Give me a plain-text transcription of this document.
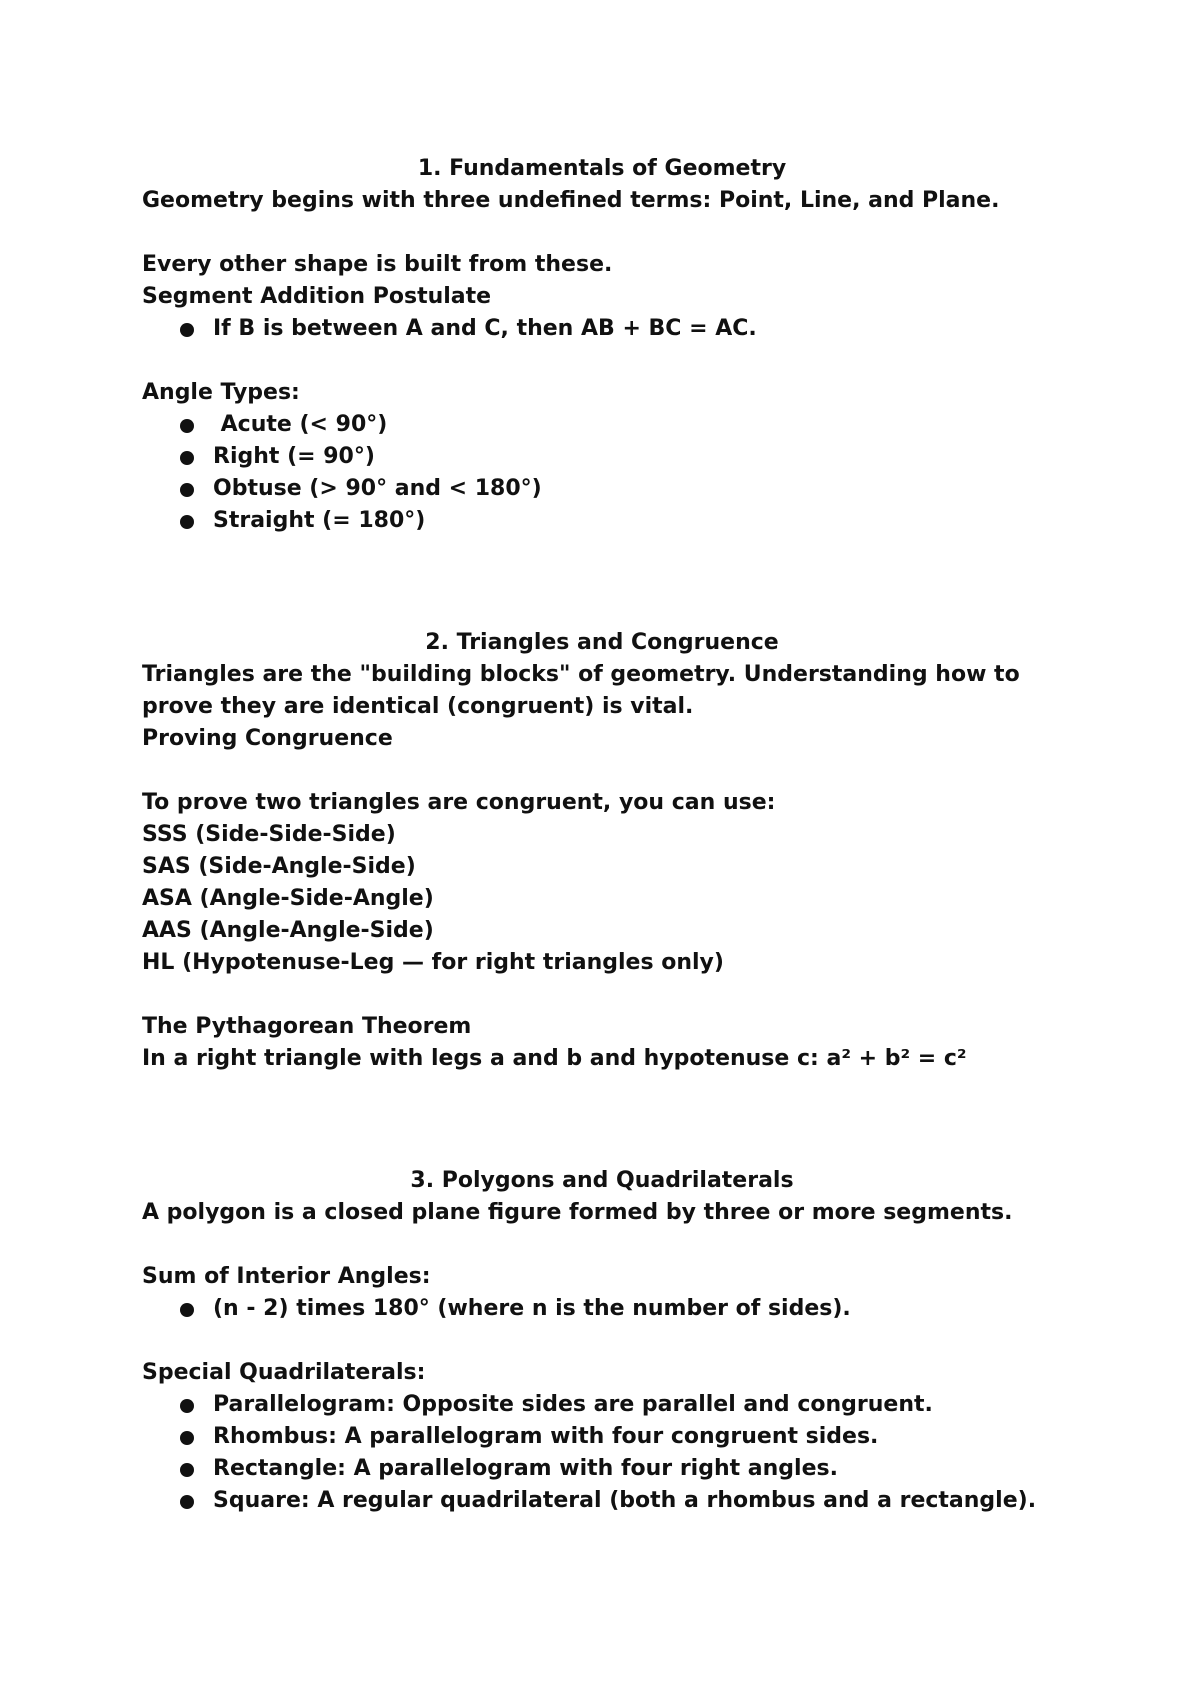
1. Fundamentals of Geometry
Geometry begins with three undefined terms: Point, Line, and Plane.
Every other shape is built from these.
Segment Addition Postulate
If B is between A and C, then AB + BC = AC.
Angle Types:
Acute (< 90°)
Right (= 90°)
Obtuse (> 90° and < 180°)
Straight (= 180°)
2. Triangles and Congruence
Triangles are the "building blocks" of geometry. Understanding how to
prove they are identical (congruent) is vital.
Proving Congruence
To prove two triangles are congruent, you can use:
SSS (Side-Side-Side)
SAS (Side-Angle-Side)
ASA (Angle-Side-Angle)
AAS (Angle-Angle-Side)
HL (Hypotenuse-Leg — for right triangles only)
The Pythagorean Theorem
In a right triangle with legs a and b and hypotenuse c: a² + b² = c²
3. Polygons and Quadrilaterals
A polygon is a closed plane figure formed by three or more segments.
Sum of Interior Angles:
(n - 2) times 180° (where n is the number of sides).
Special Quadrilaterals:
Parallelogram: Opposite sides are parallel and congruent.
Rhombus: A parallelogram with four congruent sides.
Rectangle: A parallelogram with four right angles.
Square: A regular quadrilateral (both a rhombus and a rectangle).
